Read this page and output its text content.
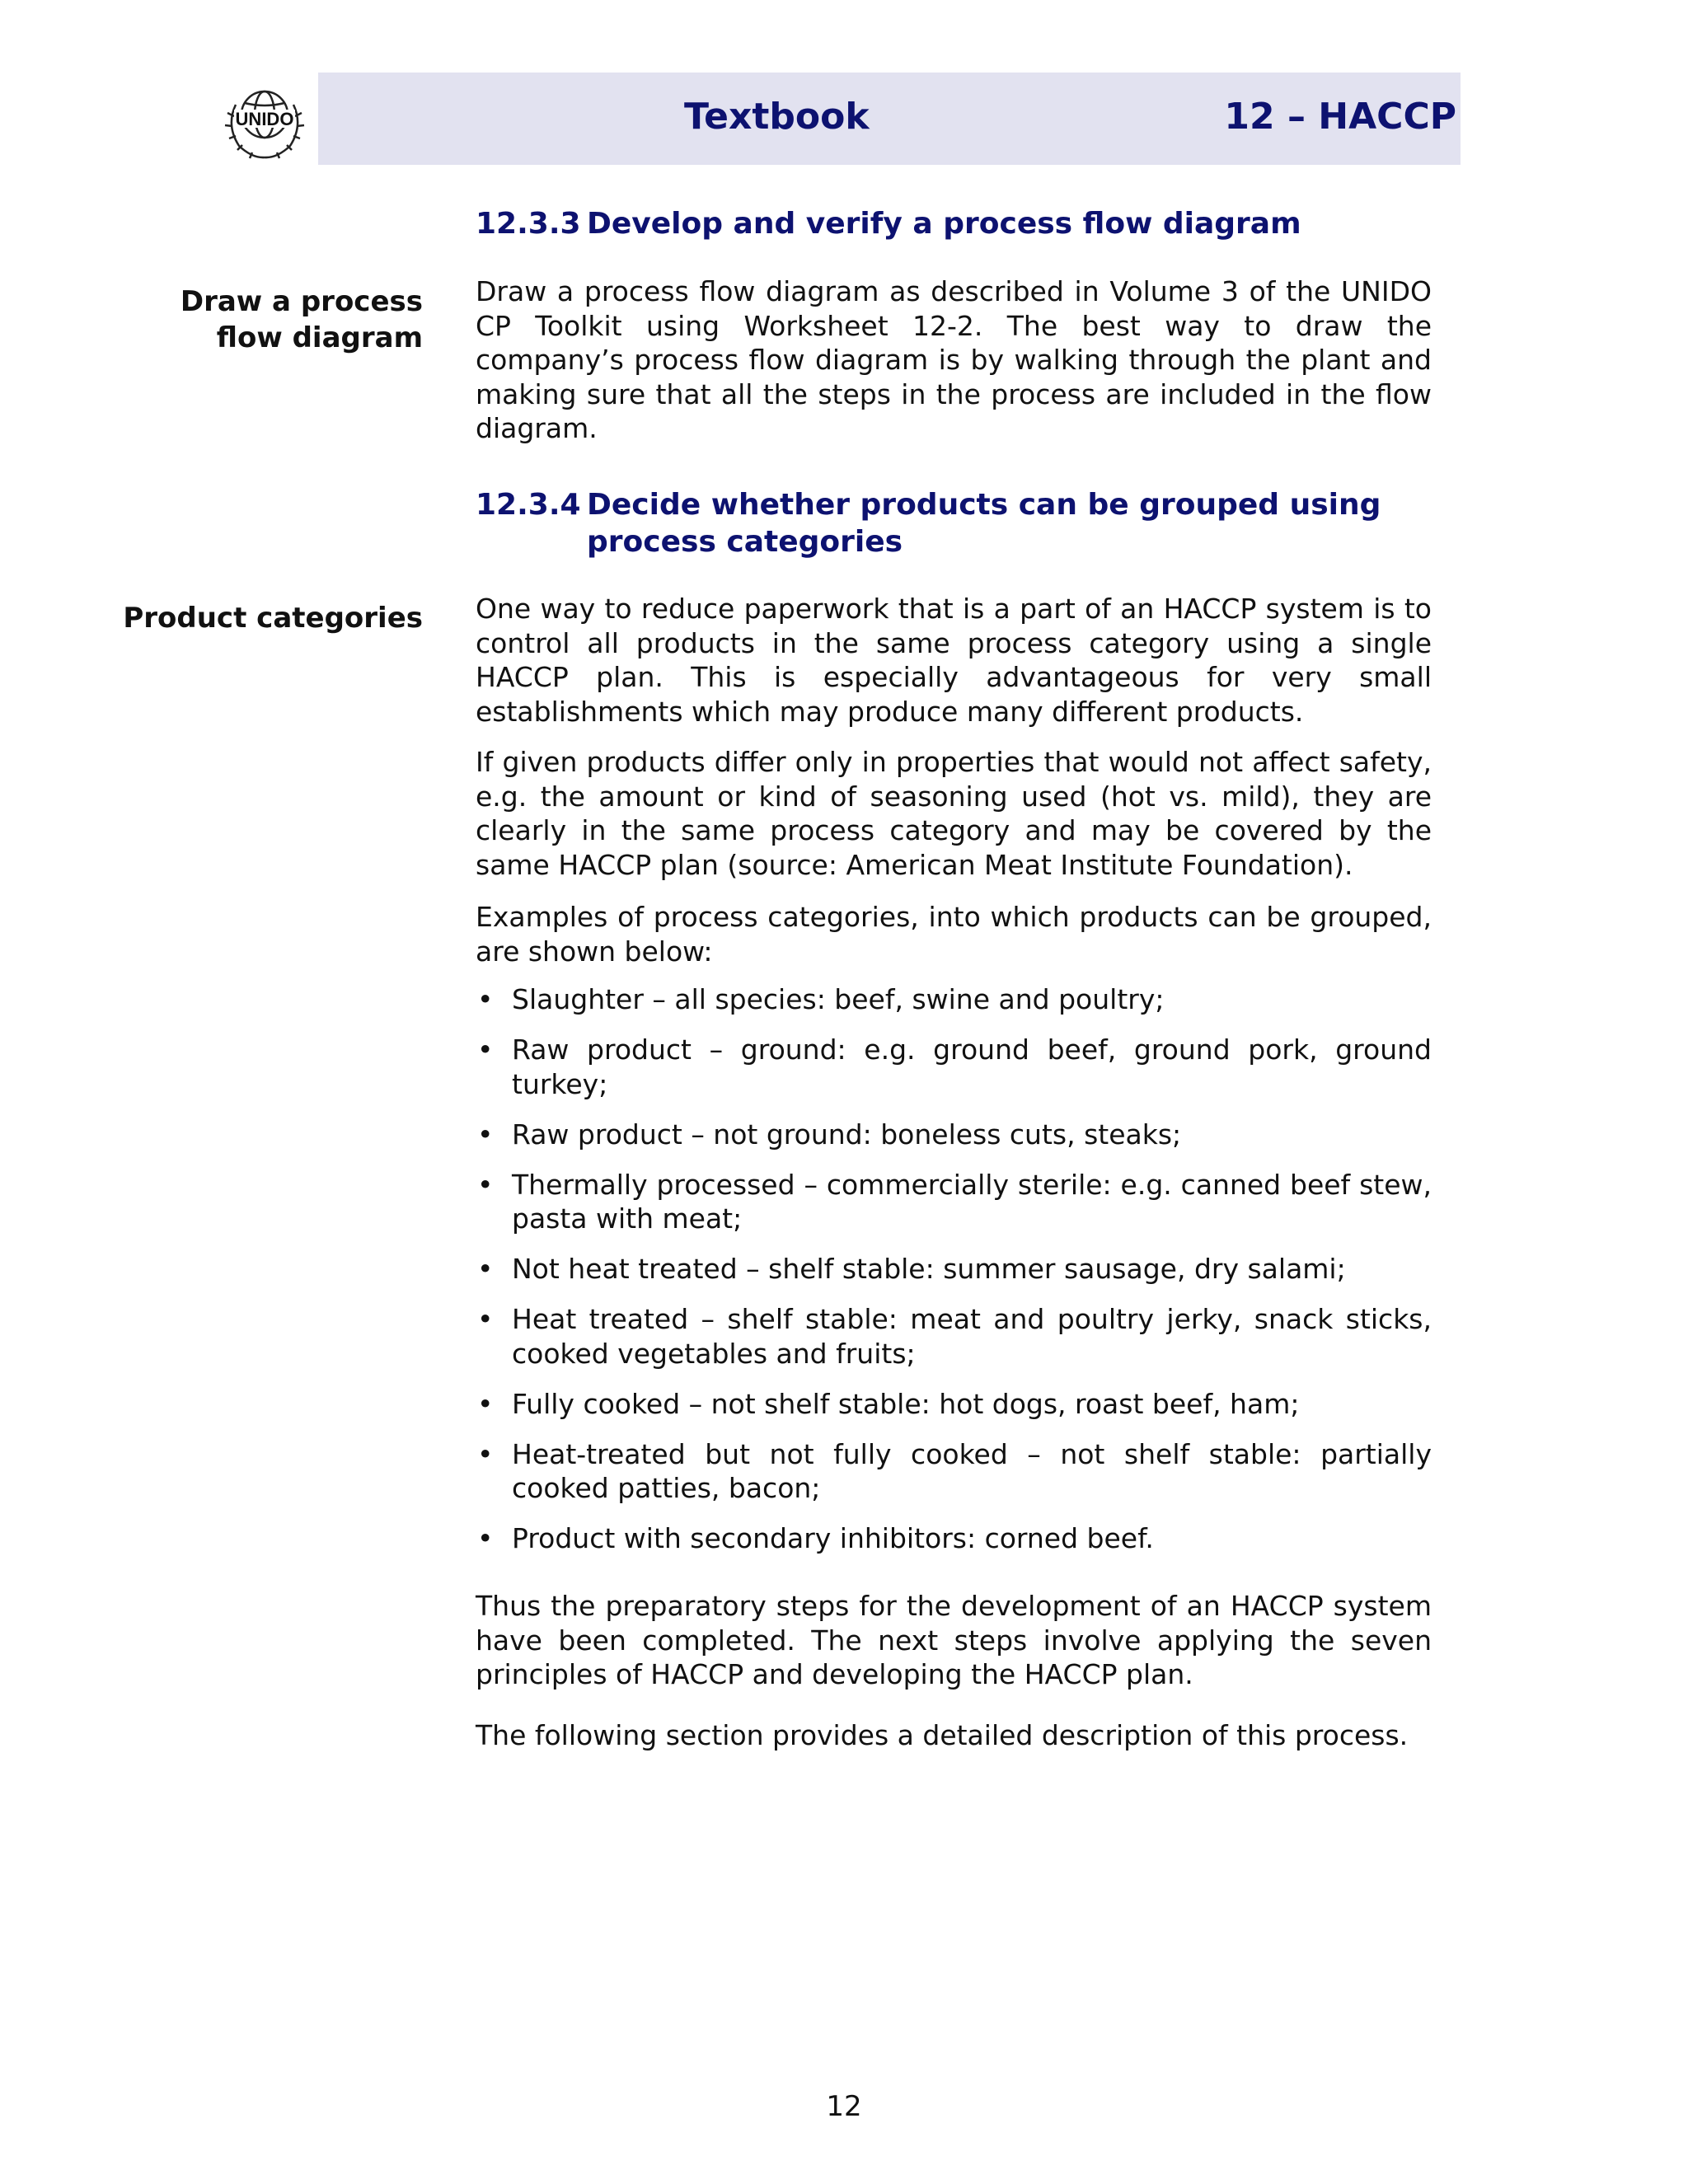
UNIDO	Textbook	12 – HACCP
12.3.3 Develop and verify a process flow diagram
Draw a process flow diagram

Draw a process flow diagram as described in Volume 3 of the UNIDO CP Toolkit using Worksheet 12-2. The best way to draw the company’s process flow diagram is by walking through the plant and making sure that all the steps in the process are included in the flow diagram.

12.3.4 Decide whether products can be grouped using
process categories
Product categories One way to reduce paperwork that is a part of an HACCP system is to control all products in the same process category using a single HACCP plan. This is especially advantageous for very small establishments which may produce many different products.

If given products differ only in properties that would not affect safety, e.g. the amount or kind of seasoning used (hot vs. mild), they are clearly in the same process category and may be covered by the same HACCP plan (source: American Meat Institute Foundation).

Examples of process categories, into which products can be grouped, are shown below:

• Slaughter – all species: beef, swine and poultry;
• Raw product – ground: e.g. ground beef, ground pork, ground turkey;
• Raw product – not ground: boneless cuts, steaks;
• Thermally processed – commercially sterile: e.g. canned beef stew, pasta with meat;
• Not heat treated – shelf stable: summer sausage, dry salami;
• Heat treated – shelf stable: meat and poultry jerky, snack sticks, cooked vegetables and fruits;
• Fully cooked – not shelf stable: hot dogs, roast beef, ham;
• Heat-treated but not fully cooked – not shelf stable: partially cooked patties, bacon;
• Product with secondary inhibitors: corned beef.

Thus the preparatory steps for the development of an HACCP system have been completed. The next steps involve applying the seven principles of HACCP and developing the HACCP plan.

The following section provides a detailed description of this process.

12
